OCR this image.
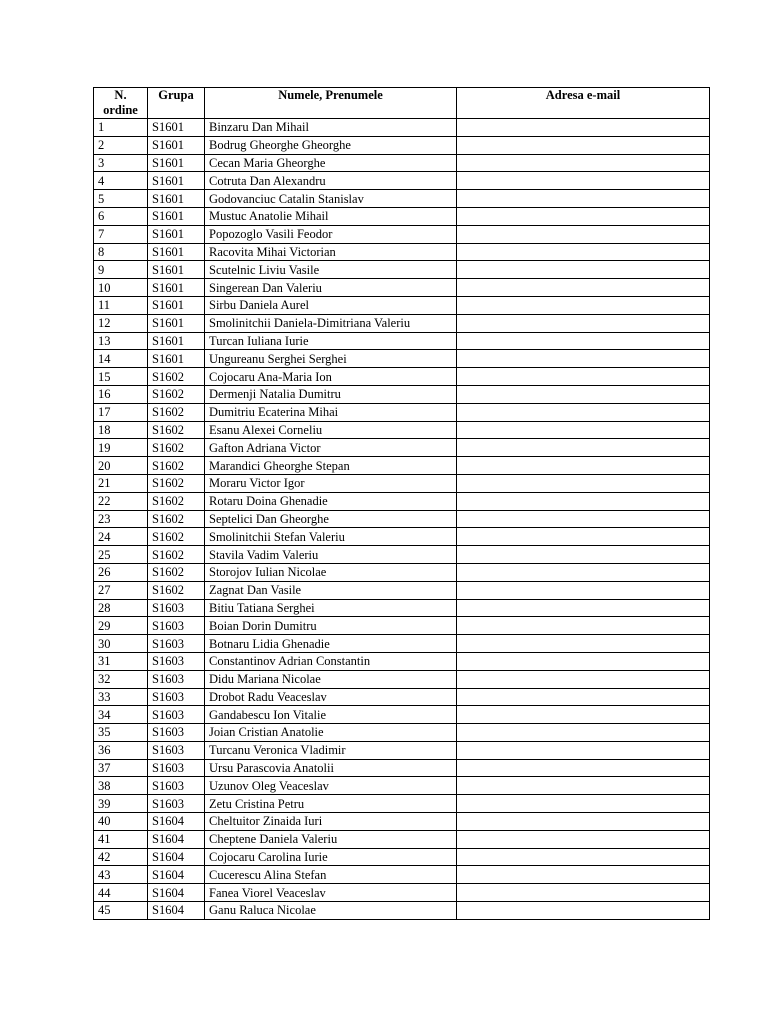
N. ordine	Grupa	Numele, Prenumele	Adresa e-mail
1	S1601	Binzaru Dan Mihail	
2	S1601	Bodrug Gheorghe Gheorghe	
3	S1601	Cecan Maria Gheorghe	
4	S1601	Cotruta Dan Alexandru	
5	S1601	Godovanciuc Catalin Stanislav	
6	S1601	Mustuc Anatolie Mihail	
7	S1601	Popozoglo Vasili Feodor	
8	S1601	Racovita Mihai Victorian	
9	S1601	Scutelnic Liviu Vasile	
10	S1601	Singerean Dan Valeriu	
11	S1601	Sirbu Daniela Aurel	
12	S1601	Smolinitchii Daniela-Dimitriana Valeriu	
13	S1601	Turcan Iuliana Iurie	
14	S1601	Ungureanu Serghei Serghei	
15	S1602	Cojocaru Ana-Maria Ion	
16	S1602	Dermenji Natalia Dumitru	
17	S1602	Dumitriu Ecaterina Mihai	
18	S1602	Esanu Alexei Corneliu	
19	S1602	Gafton Adriana Victor	
20	S1602	Marandici Gheorghe Stepan	
21	S1602	Moraru Victor Igor	
22	S1602	Rotaru Doina Ghenadie	
23	S1602	Septelici Dan Gheorghe	
24	S1602	Smolinitchii Stefan Valeriu	
25	S1602	Stavila Vadim Valeriu	
26	S1602	Storojov Iulian Nicolae	
27	S1602	Zagnat Dan Vasile	
28	S1603	Bitiu Tatiana Serghei	
29	S1603	Boian Dorin Dumitru	
30	S1603	Botnaru Lidia Ghenadie	
31	S1603	Constantinov Adrian Constantin	
32	S1603	Didu Mariana Nicolae	
33	S1603	Drobot Radu Veaceslav	
34	S1603	Gandabescu Ion Vitalie	
35	S1603	Joian Cristian Anatolie	
36	S1603	Turcanu Veronica Vladimir	
37	S1603	Ursu Parascovia Anatolii	
38	S1603	Uzunov Oleg Veaceslav	
39	S1603	Zetu Cristina Petru	
40	S1604	Cheltuitor Zinaida Iuri	
41	S1604	Cheptene Daniela Valeriu	
42	S1604	Cojocaru Carolina Iurie	
43	S1604	Cucerescu Alina Stefan	
44	S1604	Fanea Viorel Veaceslav	
45	S1604	Ganu Raluca Nicolae	
